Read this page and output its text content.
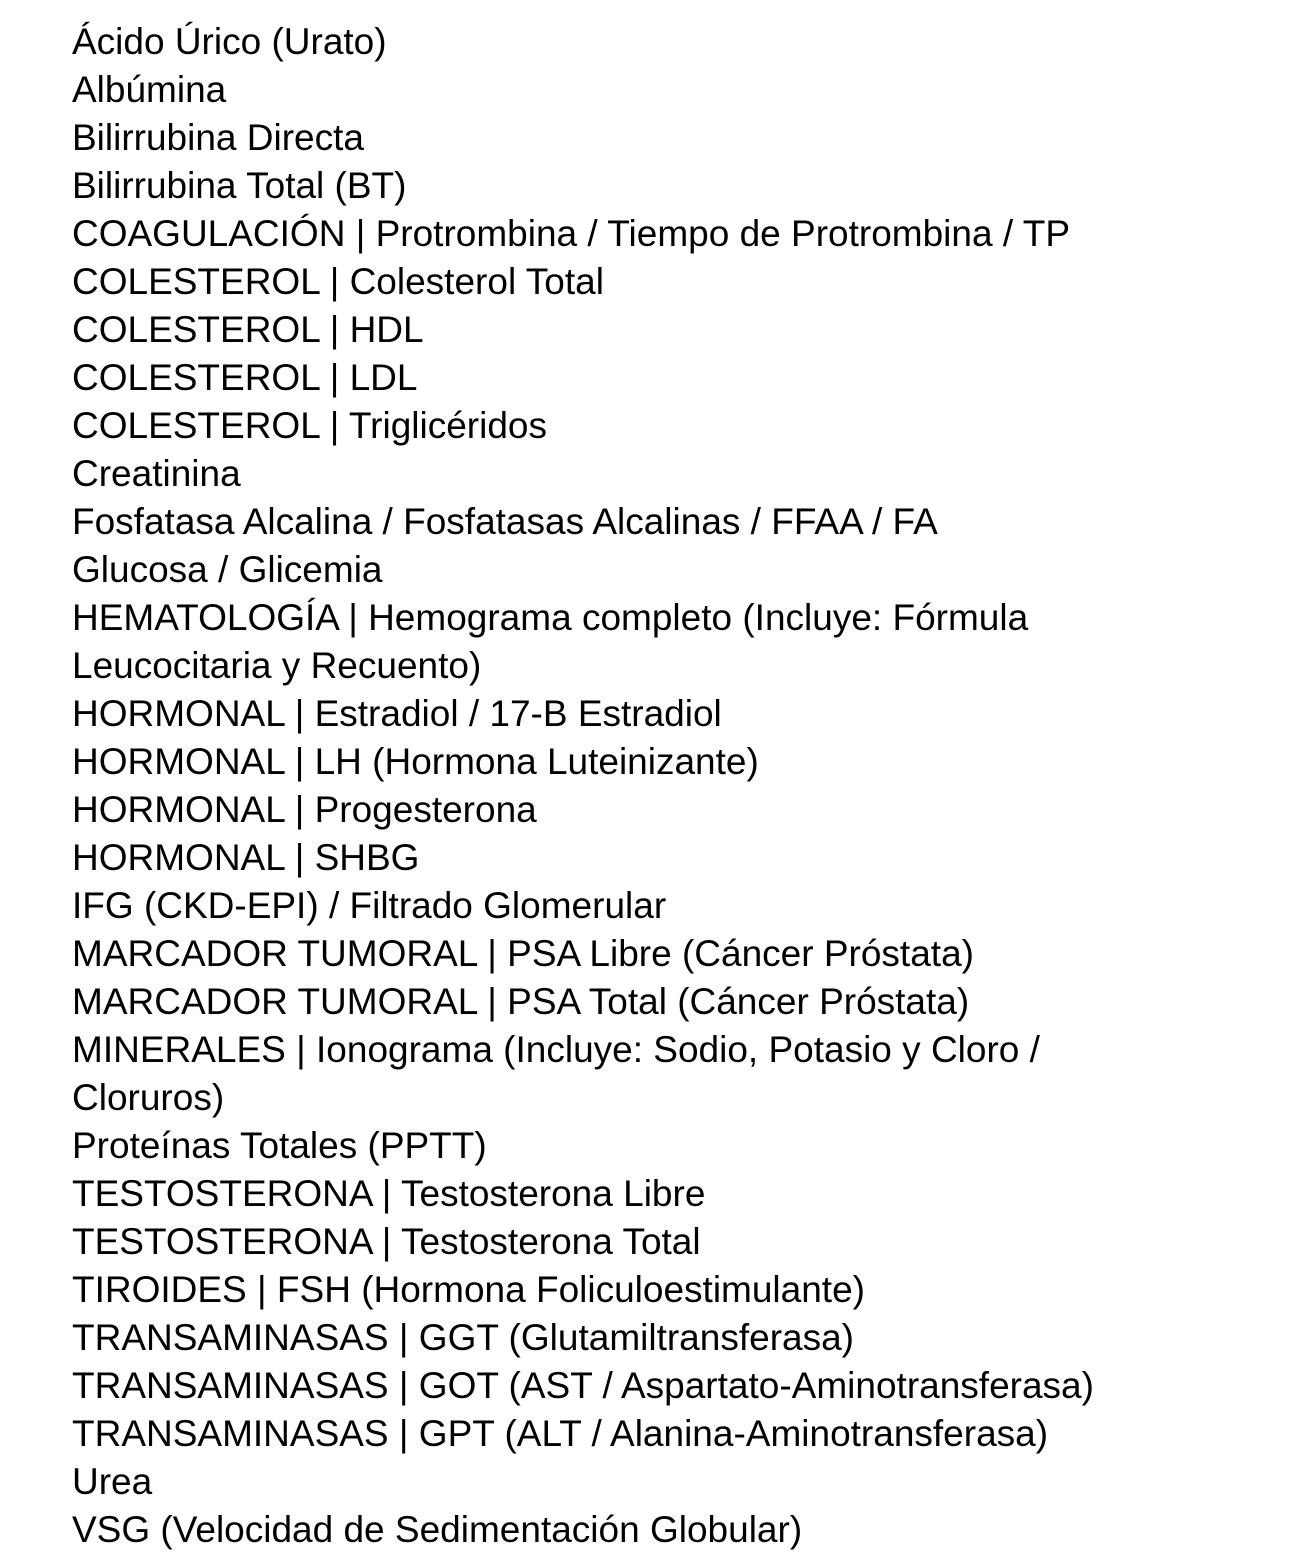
Ácido Úrico (Urato)
Albúmina
Bilirrubina Directa
Bilirrubina Total (BT)
COAGULACIÓN | Protrombina / Tiempo de Protrombina / TP
COLESTEROL | Colesterol Total
COLESTEROL | HDL
COLESTEROL | LDL
COLESTEROL | Triglicéridos
Creatinina
Fosfatasa Alcalina / Fosfatasas Alcalinas / FFAA / FA
Glucosa / Glicemia
HEMATOLOGÍA | Hemograma completo (Incluye: Fórmula
Leucocitaria y Recuento)
HORMONAL | Estradiol / 17-B Estradiol
HORMONAL | LH (Hormona Luteinizante)
HORMONAL | Progesterona
HORMONAL | SHBG
IFG (CKD-EPI) / Filtrado Glomerular
MARCADOR TUMORAL | PSA Libre (Cáncer Próstata)
MARCADOR TUMORAL | PSA Total (Cáncer Próstata)
MINERALES | Ionograma (Incluye: Sodio, Potasio y Cloro /
Cloruros)
Proteínas Totales (PPTT)
TESTOSTERONA | Testosterona Libre
TESTOSTERONA | Testosterona Total
TIROIDES | FSH (Hormona Foliculoestimulante)
TRANSAMINASAS | GGT (Glutamiltransferasa)
TRANSAMINASAS | GOT (AST / Aspartato-Aminotransferasa)
TRANSAMINASAS | GPT (ALT / Alanina-Aminotransferasa)
Urea
VSG (Velocidad de Sedimentación Globular)
